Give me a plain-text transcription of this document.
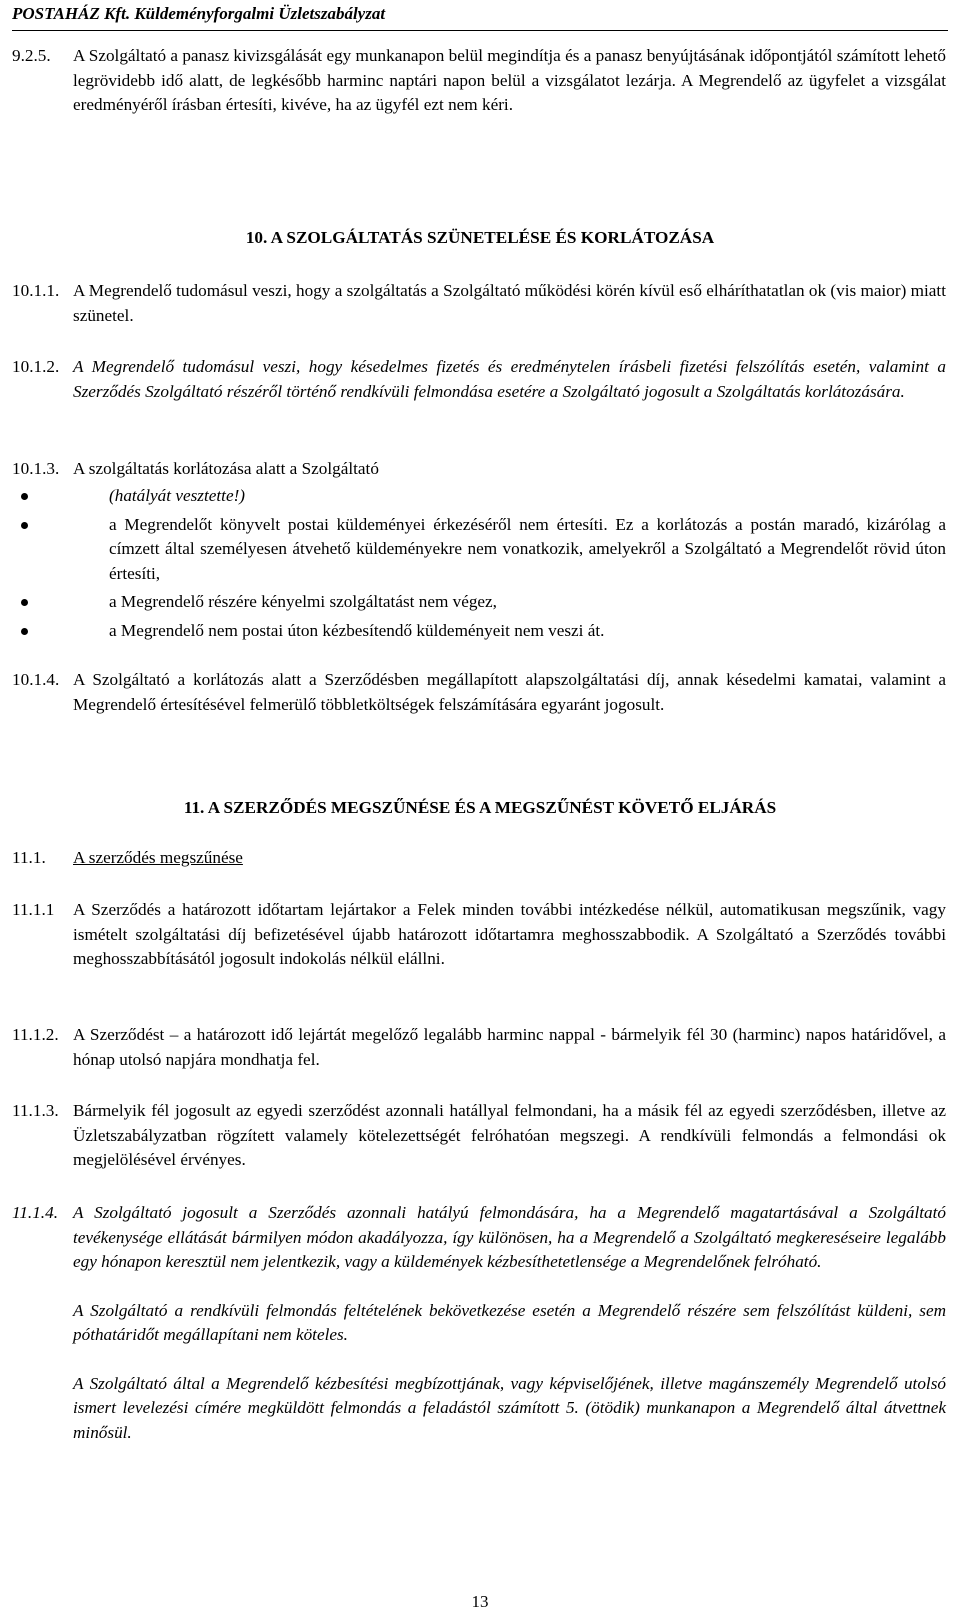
POSTAHÁZ Kft. Küldeményforgalmi Üzletszabályzat
9.2.5. A Szolgáltató a panasz kivizsgálását egy munkanapon belül megindítja és a panasz benyújtásának időpontjától számított lehető legrövidebb idő alatt, de legkésőbb harminc naptári napon belül a vizsgálatot lezárja. A Megrendelő az ügyfelet a vizsgálat eredményéről írásban értesíti, kivéve, ha az ügyfél ezt nem kéri.
10. A SZOLGÁLTATÁS SZÜNETELÉSE ÉS KORLÁTOZÁSA
10.1.1. A Megrendelő tudomásul veszi, hogy a szolgáltatás a Szolgáltató működési körén kívül eső elháríthatatlan ok (vis maior) miatt szünetel.
10.1.2. A Megrendelő tudomásul veszi, hogy késedelmes fizetés és eredménytelen írásbeli fizetési felszólítás esetén, valamint a Szerződés Szolgáltató részéről történő rendkívüli felmondása esetére a Szolgáltató jogosult a Szolgáltatás korlátozására.
10.1.3. A szolgáltatás korlátozása alatt a Szolgáltató
(hatályát vesztette!)
a Megrendelőt könyvelt postai küldeményei érkezéséről nem értesíti. Ez a korlátozás a postán maradó, kizárólag a címzett által személyesen átvehető küldeményekre nem vonatkozik, amelyekről a Szolgáltató a Megrendelőt rövid úton értesíti,
a Megrendelő részére kényelmi szolgáltatást nem végez,
a Megrendelő nem postai úton kézbesítendő küldeményeit nem veszi át.
10.1.4. A Szolgáltató a korlátozás alatt a Szerződésben megállapított alapszolgáltatási díj, annak késedelmi kamatai, valamint a Megrendelő értesítésével felmerülő többletköltségek felszámítására egyaránt jogosult.
11. A SZERZŐDÉS MEGSZŰNÉSE ÉS A MEGSZŰNÉST KÖVETŐ ELJÁRÁS
11.1. A szerződés megszűnése
11.1.1 A Szerződés a határozott időtartam lejártakor a Felek minden további intézkedése nélkül, automatikusan megszűnik, vagy ismételt szolgáltatási díj befizetésével újabb határozott időtartamra meghosszabbodik. A Szolgáltató a Szerződés további meghosszabbításától jogosult indokolás nélkül elállni.
11.1.2. A Szerződést – a határozott idő lejártát megelőző legalább harminc nappal - bármelyik fél 30 (harminc) napos határidővel, a hónap utolsó napjára mondhatja fel.
11.1.3. Bármelyik fél jogosult az egyedi szerződést azonnali hatállyal felmondani, ha a másik fél az egyedi szerződésben, illetve az Üzletszabályzatban rögzített valamely kötelezettségét felróhatóan megszegi. A rendkívüli felmondás a felmondási ok megjelölésével érvényes.
11.1.4. A Szolgáltató jogosult a Szerződés azonnali hatályú felmondására, ha a Megrendelő magatartásával a Szolgáltató tevékenysége ellátását bármilyen módon akadályozza, így különösen, ha a Megrendelő a Szolgáltató megkereséseire legalább egy hónapon keresztül nem jelentkezik, vagy a küldemények kézbesíthetetlensége a Megrendelőnek felróható.
A Szolgáltató a rendkívüli felmondás feltételének bekövetkezése esetén a Megrendelő részére sem felszólítást küldeni, sem póthatáridőt megállapítani nem köteles.
A Szolgáltató által a Megrendelő kézbesítési megbízottjának, vagy képviselőjének, illetve magánszemély Megrendelő utolsó ismert levelezési címére megküldött felmondás a feladástól számított 5. (ötödik) munkanapon a Megrendelő által átvettnek minősül.
13
